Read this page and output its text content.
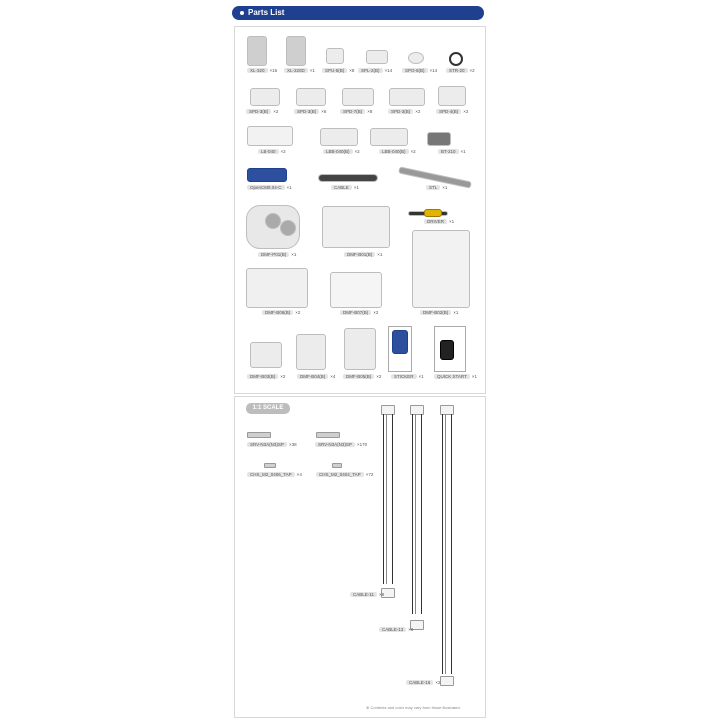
Parts List
XL-320 ×16	XL-320D ×1	SPU-5(B) ×8	SPL-2(B) ×14	SPO-5(B) ×14	STR-20 ×2
SPD-3(B) ×2	SPD-3(B) ×6	SPD-7(B) ×8	SPD-3(B) ×2	SPD-4(B) ×2
LB-040 ×2	LBB-040(B) ×2	LBB-040(B) ×2	BT-210 ×1
OpenCM9.04-C ×1	CABLE ×1	STL ×1
DRIVER ×1
DMF-P01(B) ×1	DMF-B01(B) ×1
DMF-B02(B) ×1
DMF-B06(B) ×2	DMF-B07(B) ×2
DMF-B03(B) ×2	DMF-B04(B) ×4	DMF-B05(B) ×2	STICKER ×1	QUICK START ×1
1:1 SCALE
SRV-N3A(N3)SP ×38	SRV-N3A(N3)SP ×170
CHS_M2_0406_TAP ×4	CHS_M2_0404_TAP ×72
CABLE-11 ×8
CABLE-13 ×6
CABLE-16 ×2
※ Contents and color may vary from those illustrated.
